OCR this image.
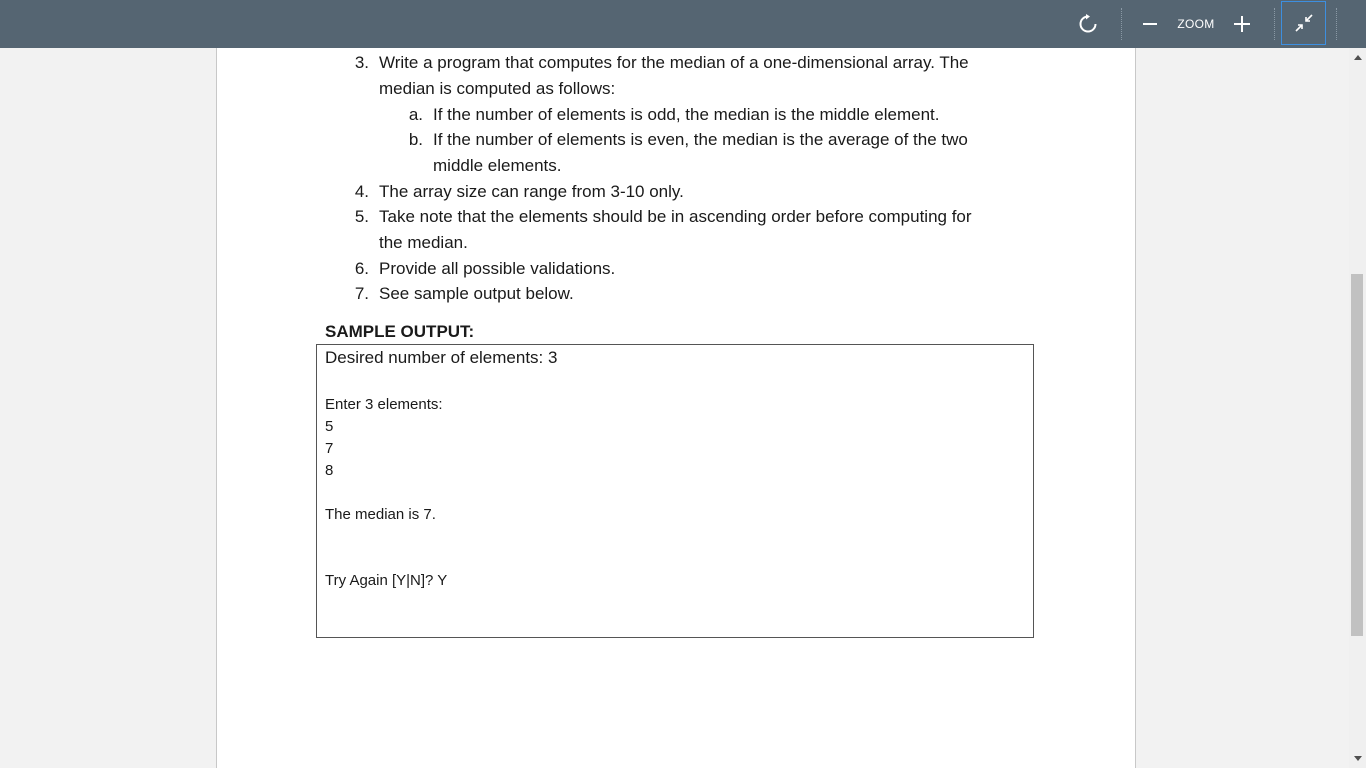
ZOOM
3. Write a program that computes for the median of a one-dimensional array. The
median is computed as follows:
a. If the number of elements is odd, the median is the middle element.
b. If the number of elements is even, the median is the average of the two
middle elements.
4. The array size can range from 3-10 only.
5. Take note that the elements should be in ascending order before computing for
the median.
6. Provide all possible validations.
7. See sample output below.
SAMPLE OUTPUT:
Desired number of elements: 3
Enter 3 elements:
5
7
8
The median is 7.
Try Again [Y|N]? Y
